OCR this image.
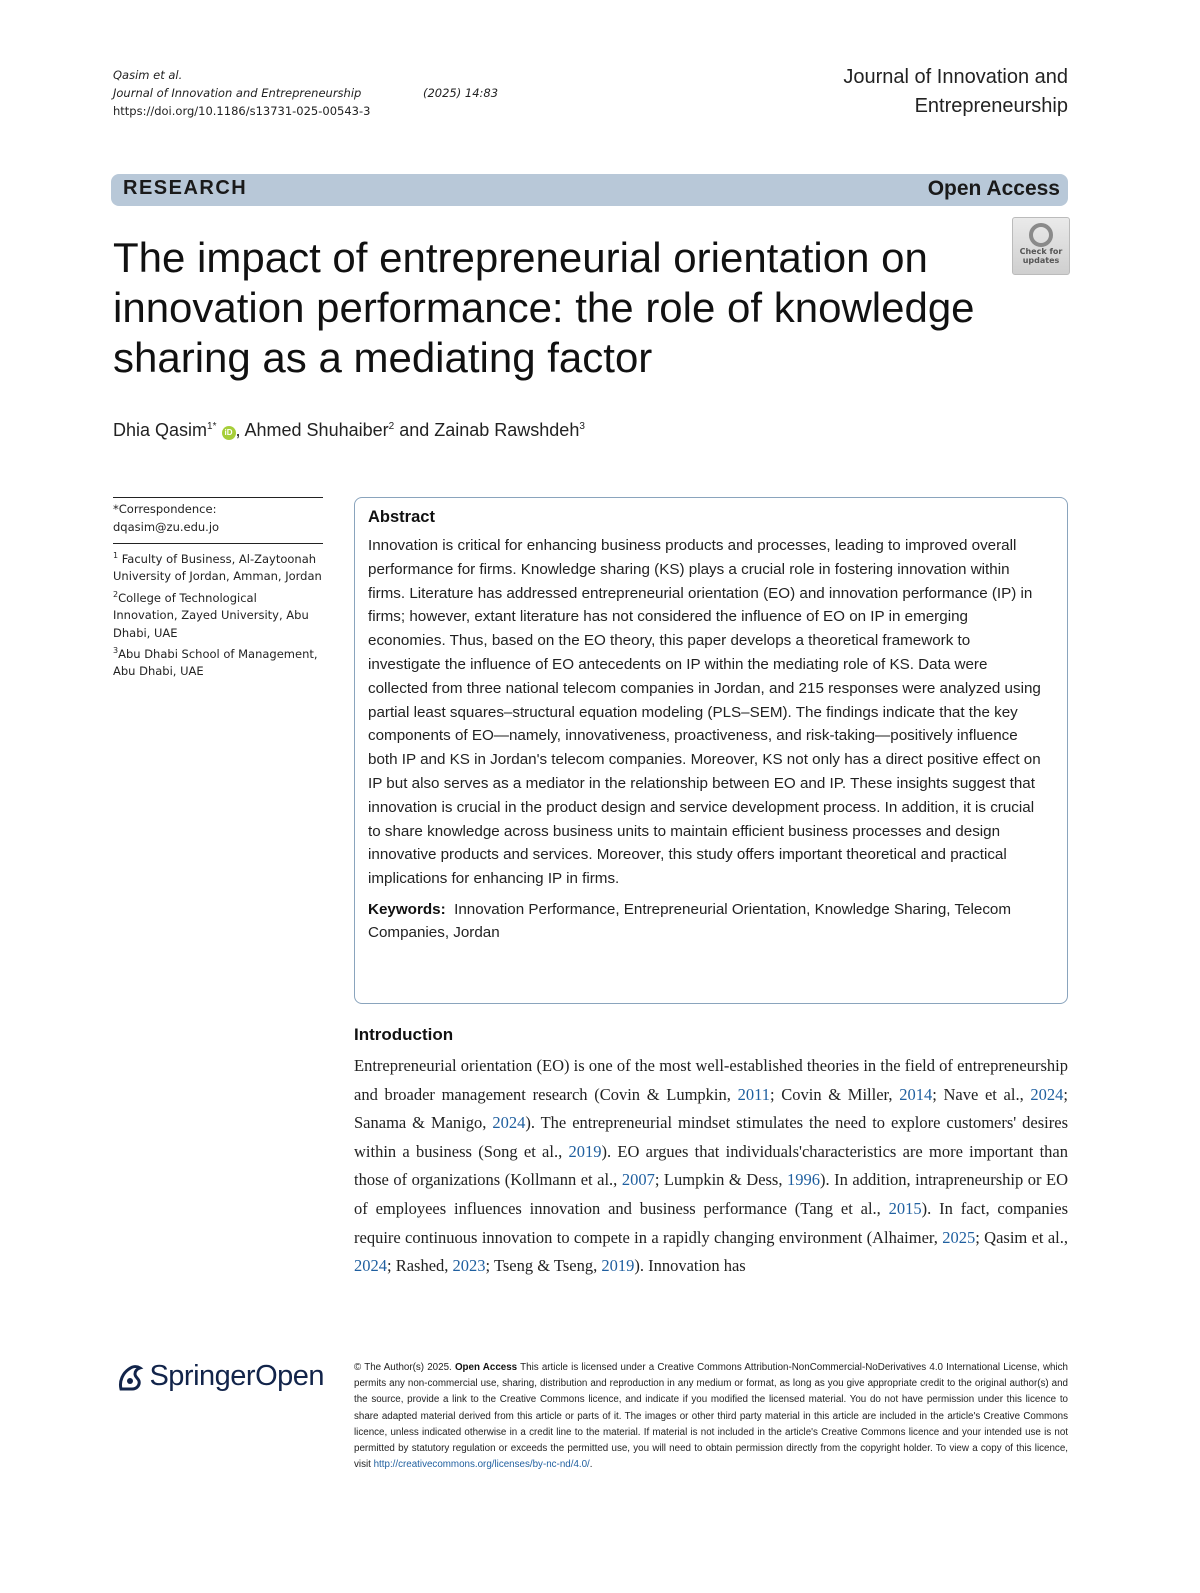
Qasim et al.
Journal of Innovation and Entrepreneurship	(2025) 14:83
https://doi.org/10.1186/s13731-025-00543-3
Journal of Innovation and
Entrepreneurship
RESEARCH	Open Access
The impact of entrepreneurial orientation on innovation performance: the role of knowledge sharing as a mediating factor
Check for
updates
Dhia Qasim$^{1*}$ iD , Ahmed Shuhaiber$^2$ and Zainab Rawshdeh$^3$
*Correspondence:
dqasim@zu.edu.jo
$^1$ Faculty of Business, Al-Zaytoonah University of Jordan, Amman, Jordan
$^2$College of Technological Innovation, Zayed University, Abu Dhabi, UAE
$^3$Abu Dhabi School of Management, Abu Dhabi, UAE
Abstract

Innovation is critical for enhancing business products and processes, leading to improved overall performance for firms. Knowledge sharing (KS) plays a crucial role in fostering innovation within firms. Literature has addressed entrepreneurial orientation (EO) and innovation performance (IP) in firms; however, extant literature has not considered the influence of EO on IP in emerging economies. Thus, based on the EO theory, this paper develops a theoretical framework to investigate the influence of EO antecedents on IP within the mediating role of KS. Data were collected from three national telecom companies in Jordan, and 215 responses were analyzed using partial least squares–structural equation modeling (PLS–SEM). The findings indicate that the key components of EO—namely, innovativeness, proactiveness, and risk-taking—positively influence both IP and KS in Jordan's telecom companies. Moreover, KS not only has a direct positive effect on IP but also serves as a mediator in the relationship between EO and IP. These insights suggest that innovation is crucial in the product design and service development process. In addition, it is crucial to share knowledge across business units to maintain efficient business processes and design innovative products and services. Moreover, this study offers important theoretical and practical implications for enhancing IP in firms.

Keywords: Innovation Performance, Entrepreneurial Orientation, Knowledge Sharing, Telecom Companies, Jordan
Introduction
Entrepreneurial orientation (EO) is one of the most well-established theories in the field of entrepreneurship and broader management research (Covin & Lumpkin, 2011; Covin & Miller, 2014; Nave et al., 2024; Sanama & Manigo, 2024). The entrepreneurial mindset stimulates the need to explore customers' desires within a business (Song et al., 2019). EO argues that individuals'characteristics are more important than those of organizations (Kollmann et al., 2007; Lumpkin & Dess, 1996). In addition, intrapreneurship or EO of employees influences innovation and business performance (Tang et al., 2015). In fact, companies require continuous innovation to compete in a rapidly changing environment (Alhaimer, 2025; Qasim et al., 2024; Rashed, 2023; Tseng & Tseng, 2019). Innovation has
SpringerOpen	© The Author(s) 2025. Open Access This article is licensed under a Creative Commons Attribution-NonCommercial-NoDerivatives 4.0 International License, which permits any non-commercial use, sharing, distribution and reproduction in any medium or format, as long as you give appropriate credit to the original author(s) and the source, provide a link to the Creative Commons licence, and indicate if you modified the licensed material. You do not have permission under this licence to share adapted material derived from this article or parts of it. The images or other third party material in this article are included in the article's Creative Commons licence, unless indicated otherwise in a credit line to the material. If material is not included in the article's Creative Commons licence and your intended use is not permitted by statutory regulation or exceeds the permitted use, you will need to obtain permission directly from the copyright holder. To view a copy of this licence, visit http://creativecommons.org/licenses/by-nc-nd/4.0/.
